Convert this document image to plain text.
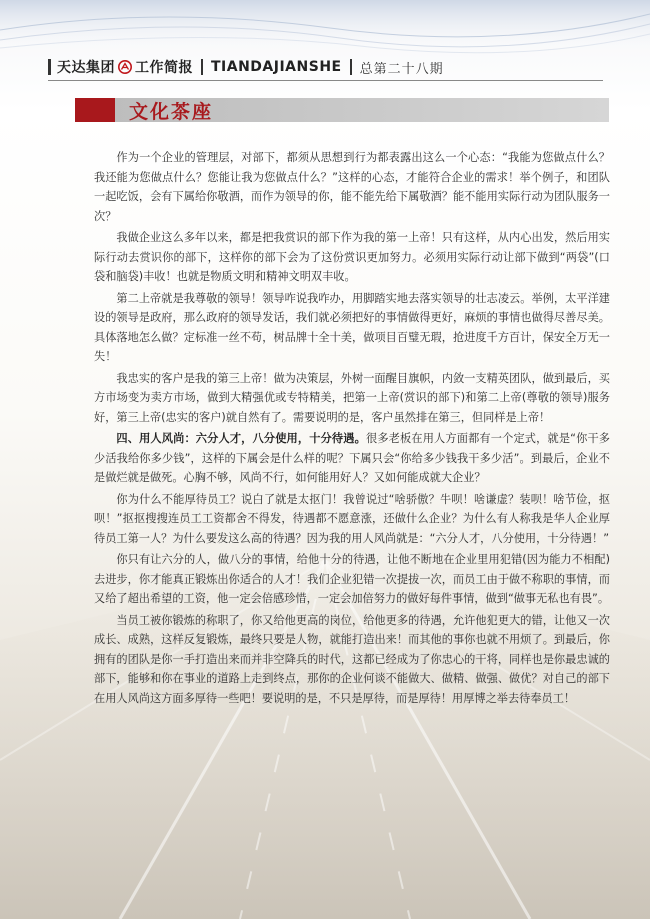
天达集团 工作简报 TIANDAJIANSHE 总第二十八期
文化茶座

作为一个企业的管理层，对部下，都须从思想到行为都表露出这么一个心态：“我能为您做点什么？我还能为您做点什么？您能让我为您做点什么？”这样的心态，才能符合企业的需求！举个例子，和团队一起吃饭，会有下属给你敬酒，而作为领导的你，能不能先给下属敬酒？能不能用实际行动为团队服务一次？

我做企业这么多年以来，都是把我赏识的部下作为我的第一上帝！只有这样，从内心出发，然后用实际行动去赏识你的部下，这样你的部下会为了这份赏识更加努力。必须用实际行动让部下做到“两袋”(口袋和脑袋)丰收！也就是物质文明和精神文明双丰收。

第二上帝就是我尊敬的领导！领导咋说我咋办，用脚踏实地去落实领导的壮志凌云。举例，太平洋建设的领导是政府，那么政府的领导发话，我们就必须把好的事情做得更好，麻烦的事情也做得尽善尽美。具体落地怎么做？定标准一丝不苟，树品牌十全十美，做项目百璧无瑕，抢进度千方百计，保安全万无一失！

我忠实的客户是我的第三上帝！做为决策层，外树一面醒目旗帜，内敛一支精英团队，做到最后，买方市场变为卖方市场，做到大精强优或专特精美，把第一上帝(赏识的部下)和第二上帝(尊敬的领导)服务好，第三上帝(忠实的客户)就自然有了。需要说明的是，客户虽然排在第三，但同样是上帝！

四、用人风尚：六分人才，八分使用，十分待遇。很多老板在用人方面都有一个定式，就是“你干多少活我给你多少钱”，这样的下属会是什么样的呢？下属只会“你给多少钱我干多少活”。到最后，企业不是做烂就是做死。心胸不够，风尚不行，如何能用好人？又如何能成就大企业？

你为什么不能厚待员工？说白了就是太抠门！我曾说过“啥骄傲？牛呗！啥谦虚？装呗！啥节俭，抠呗！”抠抠搜搜连员工工资都舍不得发，待遇都不愿意涨，还做什么企业？为什么有人称我是华人企业厚待员工第一人？为什么要发这么高的待遇？因为我的用人风尚就是：“六分人才，八分使用，十分待遇！”

你只有让六分的人，做八分的事情，给他十分的待遇，让他不断地在企业里用犯错(因为能力不相配)去进步，你才能真正锻炼出你适合的人才！我们企业犯错一次提拔一次，而员工由于做不称职的事情，而又给了超出希望的工资，他一定会倍感珍惜，一定会加倍努力的做好每件事情，做到“做事无私也有畏”。

当员工被你锻炼的称职了，你又给他更高的岗位，给他更多的待遇，允许他犯更大的错，让他又一次成长、成熟，这样反复锻炼，最终只要是人物，就能打造出来！而其他的事你也就不用烦了。到最后，你拥有的团队是你一手打造出来而并非空降兵的时代，这都已经成为了你忠心的干将，同样也是你最忠诚的部下，能够和你在事业的道路上走到终点，那你的企业何谈不能做大、做精、做强、做优？对自己的部下在用人风尚这方面多厚待一些吧！要说明的是，不只是厚待，而是厚待！用厚博之举去待奉员工！
